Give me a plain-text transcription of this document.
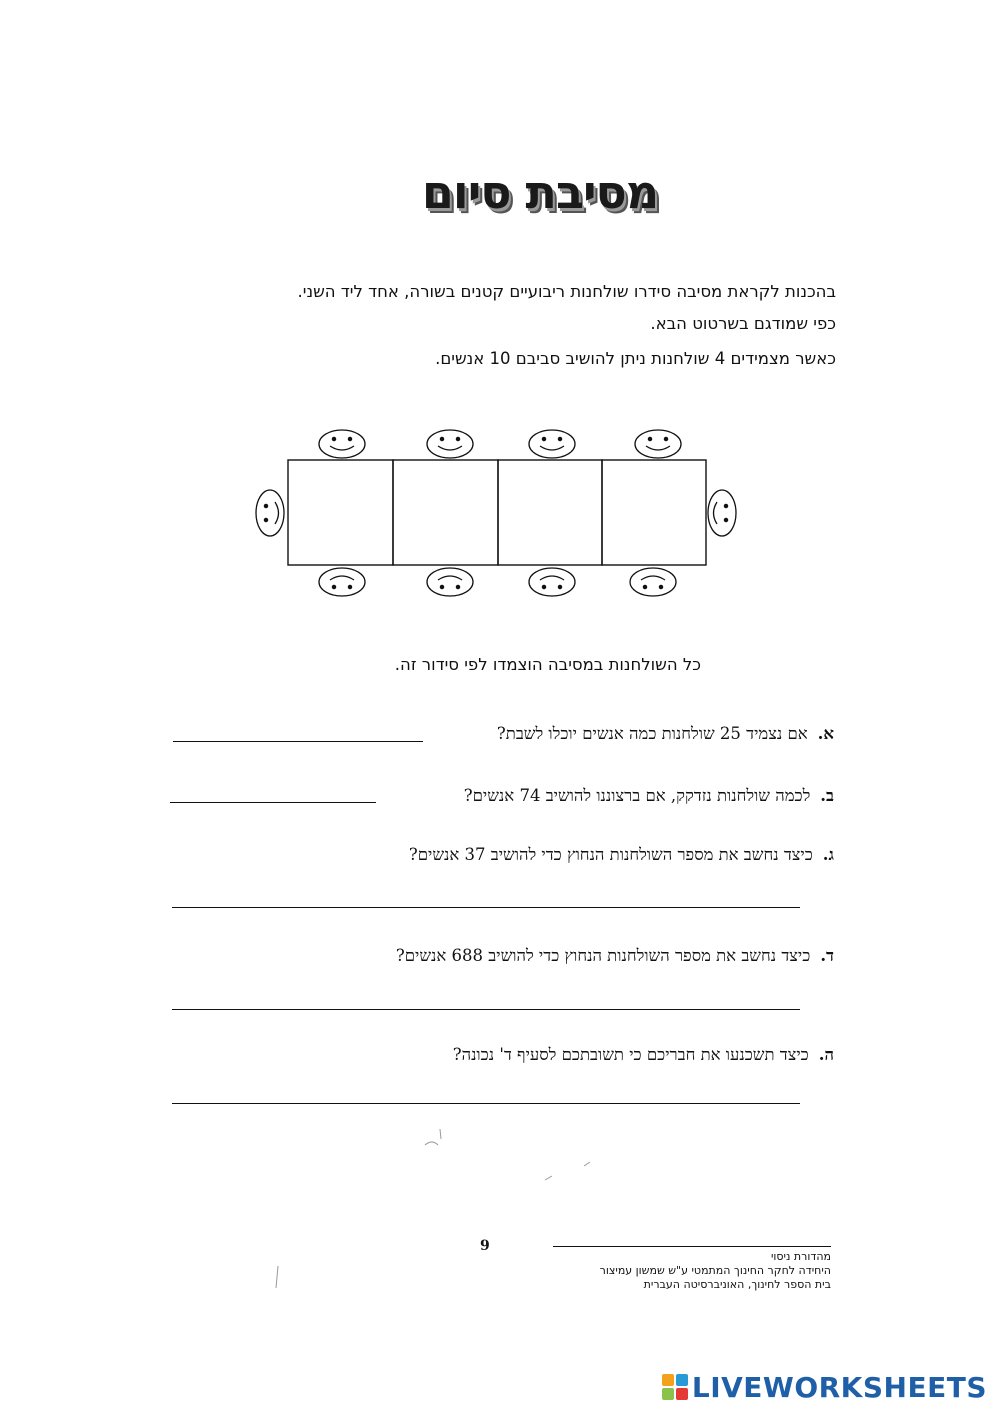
מסיבת סיום
בהכנות לקראת מסיבה סידרו שולחנות ריבועיים קטנים בשורה, אחד ליד השני.
כפי שמודגם בשרטוט הבא.
כאשר מצמידים 4 שולחנות ניתן להושיב סביבם 10 אנשים.
כל השולחנות במסיבה הוצמדו לפי סידור זה.
א.אם נצמיד 25 שולחנות כמה אנשים יוכלו לשבת?
ב.לכמה שולחנות נזדקק, אם ברצוננו להושיב 74 אנשים?
ג.כיצד נחשב את מספר השולחנות הנחוץ כדי להושיב 37 אנשים?
ד.כיצד נחשב את מספר השולחנות הנחוץ כדי להושיב 688 אנשים?
ה.כיצד תשכנעו את חבריכם כי תשובתכם לסעיף ד' נכונה?
9
מהדורת ניסוי
היחידה לחקר החינוך המתמטי ע"ש שמשון עמיצור
בית הספר לחינוך, האוניברסיטה העברית
LIVEWORKSHEETS
